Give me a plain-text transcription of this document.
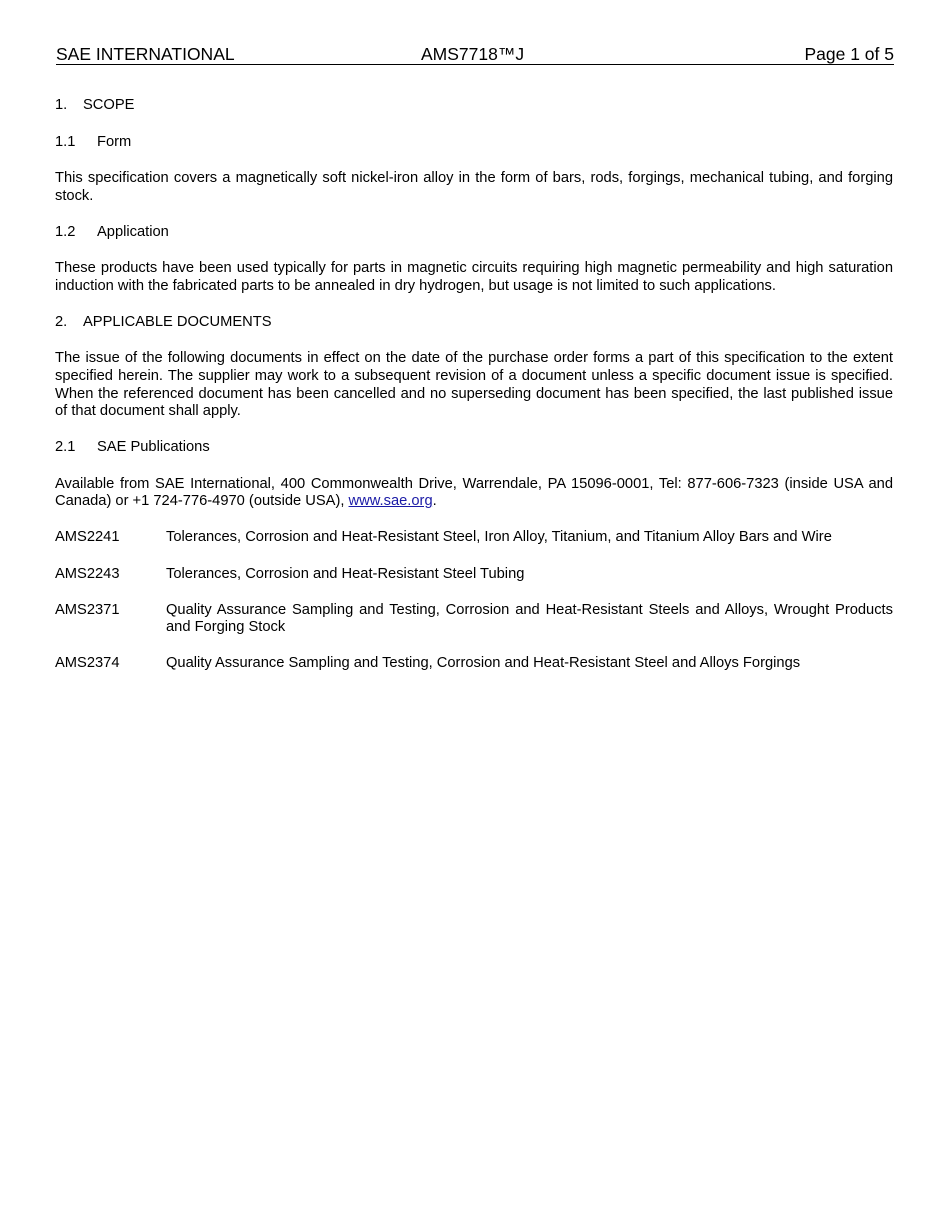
SAE INTERNATIONAL	AMS7718™J	Page 1 of 5

1. SCOPE

1.1 Form

This specification covers a magnetically soft nickel-iron alloy in the form of bars, rods, forgings, mechanical tubing, and forging stock.

1.2 Application

These products have been used typically for parts in magnetic circuits requiring high magnetic permeability and high saturation induction with the fabricated parts to be annealed in dry hydrogen, but usage is not limited to such applications.

2. APPLICABLE DOCUMENTS

The issue of the following documents in effect on the date of the purchase order forms a part of this specification to the extent specified herein. The supplier may work to a subsequent revision of a document unless a specific document issue is specified. When the referenced document has been cancelled and no superseding document has been specified, the last published issue of that document shall apply.

2.1 SAE Publications

Available from SAE International, 400 Commonwealth Drive, Warrendale, PA 15096-0001, Tel: 877-606-7323 (inside USA and Canada) or +1 724-776-4970 (outside USA), www.sae.org.

AMS2241	Tolerances, Corrosion and Heat-Resistant Steel, Iron Alloy, Titanium, and Titanium Alloy Bars and Wire
AMS2243	Tolerances, Corrosion and Heat-Resistant Steel Tubing
AMS2371	Quality Assurance Sampling and Testing, Corrosion and Heat-Resistant Steels and Alloys, Wrought Products and Forging Stock
AMS2374	Quality Assurance Sampling and Testing, Corrosion and Heat-Resistant Steel and Alloys Forgings
